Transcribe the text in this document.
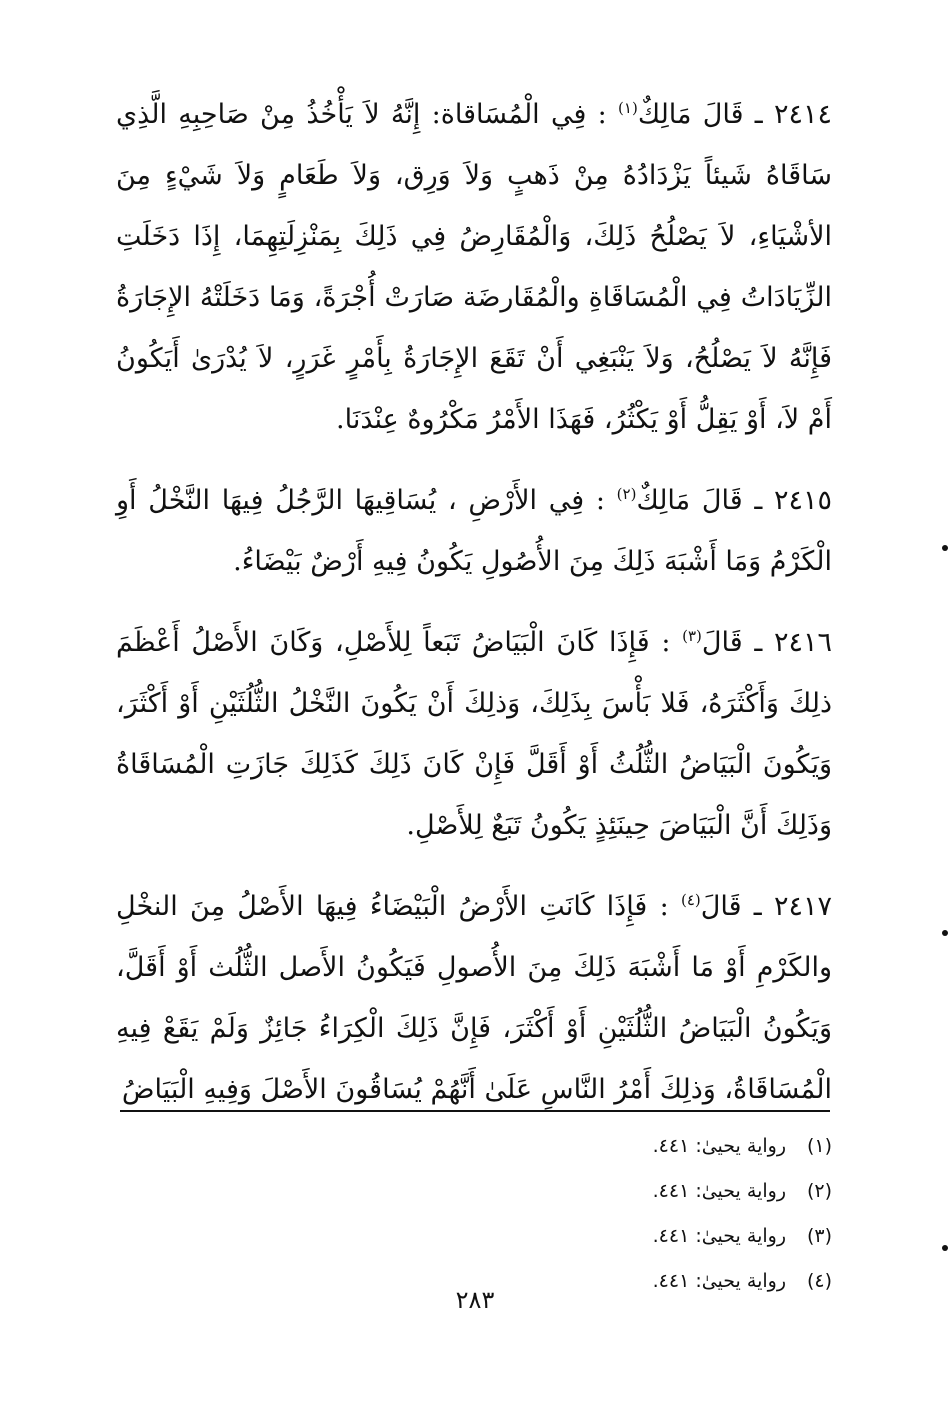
٢٤١٤ ـ قَالَ مَالِكٌ$^{(١)}$ : فِي الْمُسَاقاة: إِنَّهُ لاَ يَأْخُذُ مِنْ صَاحِبِهِ الَّذِي سَاقَاهُ شَيئاً يَزْدَادُهُ مِنْ ذَهبٍ وَلاَ وَرِق، وَلاَ طَعَامٍ وَلاَ شَيْءٍ مِنَ الأشْيَاءِ، لاَ يَصْلُحُ ذَلِكَ، وَالْمُقَارِضُ فِي ذَلِكَ بِمَنْزِلَتِهِمَا، إِذَا دَخَلَتِ الزِّيَادَاتُ فِي الْمُسَاقَاةِ والْمُقَارضَة صَارَتْ أُجْرَةً، وَمَا دَخَلَتْهُ الإِجَارَةُ فَإِنَّهُ لاَ يَصْلُحُ، وَلاَ يَنْبَغِي أَنْ تَقَعَ الإِجَارَةُ بِأَمْرٍ غَرَرٍ، لاَ يُدْرَىٰ أَيَكُونُ أَمْ لاَ، أَوْ يَقِلُّ أَوْ يَكْثُرُ، فَهَذَا الأَمْرُ مَكْرُوهٌ عِنْدَنَا.

٢٤١٥ ـ قَالَ مَالِكٌ$^{(٢)}$ : فِي الأَرْضِ ، يُسَاقِيهَا الرَّجُلُ فِيهَا النَّخْلُ أَوِ الْكَرْمُ وَمَا أَشْبَهَ ذَلِكَ مِنَ الأُصُولِ يَكُونُ فِيهِ أَرْضٌ بَيْضَاءُ.

٢٤١٦ ـ قَالَ$^{(٣)}$ : فَإِذَا كَانَ الْبَيَاضُ تَبَعاً لِلأَصْلِ، وَكَانَ الأَصْلُ أَعْظَمَ ذلِكَ وَأَكْثَرَهُ، فَلا بَأْسَ بِذَلِكَ، وَذلِكَ أَنْ يَكُونَ النَّخْلُ الثُّلُثَيْنِ أَوْ أَكْثَرَ، وَيَكُونَ الْبَيَاضُ الثُّلُثُ أَوْ أَقَلَّ فَإِنْ كَانَ ذَلِكَ كَذَلِكَ جَازَتِ الْمُسَاقَاةُ وَذَلِكَ أَنَّ الْبَيَاضَ حِينَئِذٍ يَكُونُ تَبَعٌ لِلأَصْلِ.

٢٤١٧ ـ قَالَ$^{(٤)}$ : فَإِذَا كَانَتِ الأَرْضُ الْبَيْضَاءُ فِيهَا الأَصْلُ مِنَ النخْلِ والكَرْمِ أَوْ مَا أَشْبَهَ ذَلِكَ مِنَ الأُصولِ فَيَكُونُ الأَصل الثُّلُث أَوْ أَقَلَّ، وَيَكُونُ الْبَيَاضُ الثُّلُثَيْنِ أَوْ أَكْثَرَ، فَإِنَّ ذَلِكَ الْكِرَاءُ جَائِزٌ وَلَمْ يَقَعْ فِيهِ الْمُسَاقَاةُ، وَذلِكَ أَمْرُ النَّاسِ عَلَىٰ أَنَّهُمْ يُسَاقُونَ الأَصْلَ وَفِيهِ الْبَيَاضُ

(١)رواية يحيىٰ: ٤٤١.
(٢)رواية يحيىٰ: ٤٤١.
(٣)رواية يحيىٰ: ٤٤١.
(٤)رواية يحيىٰ: ٤٤١.
٢٨٣
